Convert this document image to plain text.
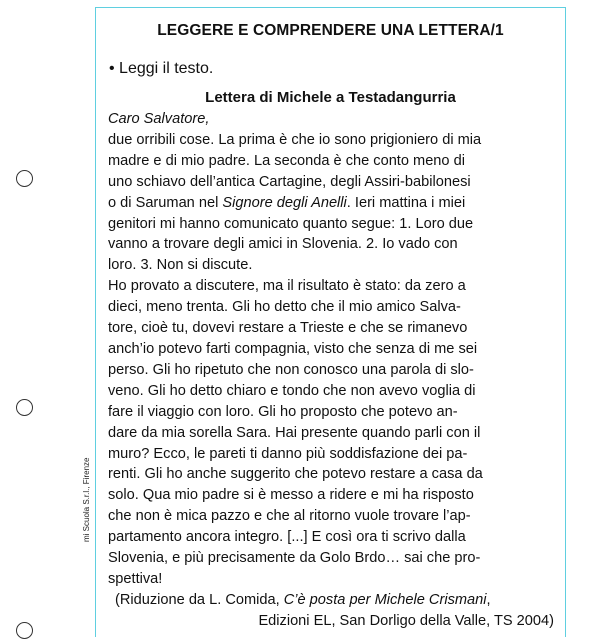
mi Scuola S.r.l., Firenze
LEGGERE E COMPRENDERE UNA LETTERA/1
• Leggi il testo.
Lettera di Michele a Testadangurria
Caro Salvatore,
due orribili cose. La prima è che io sono prigioniero di mia
madre e di mio padre. La seconda è che conto meno di
uno schiavo dell’antica Cartagine, degli Assiri-babilonesi
o di Saruman nel Signore degli Anelli. Ieri mattina i miei
genitori mi hanno comunicato quanto segue: 1. Loro due
vanno a trovare degli amici in Slovenia. 2. Io vado con
loro. 3. Non si discute.
Ho provato a discutere, ma il risultato è stato: da zero a
dieci, meno trenta. Gli ho detto che il mio amico Salva-
tore, cioè tu, dovevi restare a Trieste e che se rimanevo
anch’io potevo farti compagnia, visto che senza di me sei
perso. Gli ho ripetuto che non conosco una parola di slo-
veno. Gli ho detto chiaro e tondo che non avevo voglia di
fare il viaggio con loro. Gli ho proposto che potevo an-
dare da mia sorella Sara. Hai presente quando parli con il
muro? Ecco, le pareti ti danno più soddisfazione dei pa-
renti. Gli ho anche suggerito che potevo restare a casa da
solo. Qua mio padre si è messo a ridere e mi ha risposto
che non è mica pazzo e che al ritorno vuole trovare l’ap-
partamento ancora integro. [...] E così ora ti scrivo dalla
Slovenia, e più precisamente da Golo Brdo… sai che pro-
spettiva!
(Riduzione da L. Comida, C’è posta per Michele Crismani,
Edizioni EL, San Dorligo della Valle, TS 2004)
